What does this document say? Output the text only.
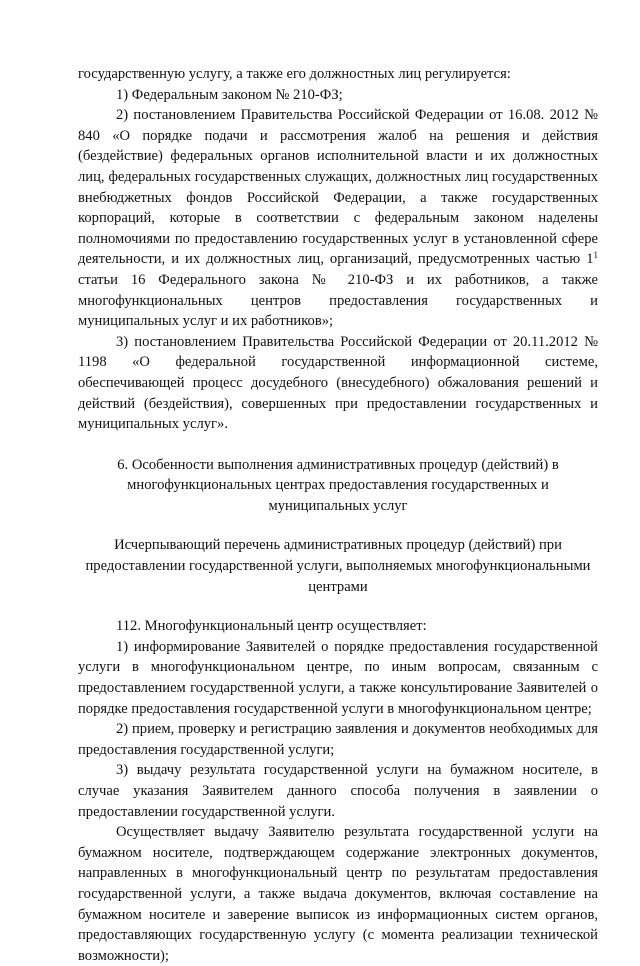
государственную услугу, а также его должностных лиц регулируется:

1) Федеральным законом № 210-ФЗ;

2) постановлением Правительства Российской Федерации от 16.08. 2012 № 840 «О порядке подачи и рассмотрения жалоб на решения и действия (бездействие) федеральных органов исполнительной власти и их должностных лиц, федеральных государственных служащих, должностных лиц государственных внебюджетных фондов Российской Федерации, а также государственных корпораций, которые в соответствии с федеральным законом наделены полномочиями по предоставлению государственных услуг в установленной сфере деятельности, и их должностных лиц, организаций, предусмотренных частью $1^1$ статьи 16 Федерального закона № 210-ФЗ и их работников, а также многофункциональных центров предоставления государственных и муниципальных услуг и их работников»;

3) постановлением Правительства Российской Федерации от 20.11.2012 № 1198 «О федеральной государственной информационной системе, обеспечивающей процесс досудебного (внесудебного) обжалования решений и действий (бездействия), совершенных при предоставлении государственных и муниципальных услуг».

6. Особенности выполнения административных процедур (действий) в многофункциональных центрах предоставления государственных и муниципальных услуг

Исчерпывающий перечень административных процедур (действий) при предоставлении государственной услуги, выполняемых многофункциональными центрами

112. Многофункциональный центр осуществляет:

1) информирование Заявителей о порядке предоставления государственной услуги в многофункциональном центре, по иным вопросам, связанным с предоставлением государственной услуги, а также консультирование Заявителей о порядке предоставления государственной услуги в многофункциональном центре;

2) прием, проверку и регистрацию заявления и документов необходимых для предоставления государственной услуги;

3) выдачу результата государственной услуги на бумажном носителе, в случае указания Заявителем данного способа получения в заявлении о предоставлении государственной услуги.

Осуществляет выдачу Заявителю результата государственной услуги на бумажном носителе, подтверждающем содержание электронных документов, направленных в многофункциональный центр по результатам предоставления государственной услуги, а также выдача документов, включая составление на бумажном носителе и заверение выписок из информационных систем органов, предоставляющих государственную услугу (с момента реализации технической возможности);
